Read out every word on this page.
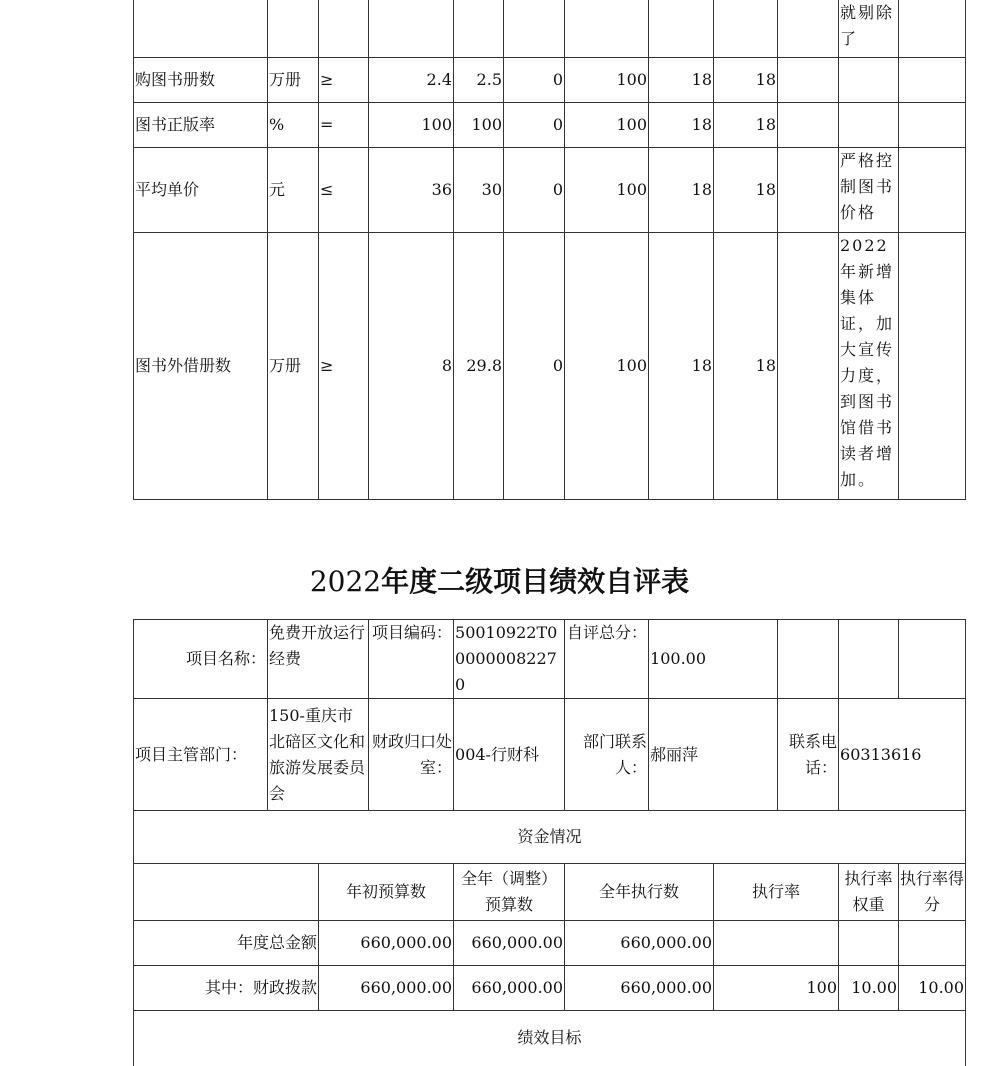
										就剔除了	
购图书册数	万册	≥	2.4	2.5	0	100	18	18			
图书正版率	%	=	100	100	0	100	18	18			
平均单价	元	≤	36	30	0	100	18	18		严格控制图书价格	
图书外借册数	万册	≥	8	29.8	0	100	18	18		2022年新增集体证，加大宣传力度，到图书馆借书读者增加。	
2022年度二级项目绩效自评表
项目名称：	免费开放运行经费		项目编码：	50010922T000000082270	自评总分：	100.00				
项目主管部门：	150-重庆市北碚区文化和旅游发展委员会		财政归口处室：	004-行财科	部门联系人：	郝丽萍		联系电话：	60313616	
资金情况										
		年初预算数		全年（调整）预算数	全年执行数		执行率		执行率权重	执行率得分
年度总金额		660,000.00		660,000.00	660,000.00					
其中：财政拨款		660,000.00		660,000.00	660,000.00		100		10.00	10.00
绩效目标										
